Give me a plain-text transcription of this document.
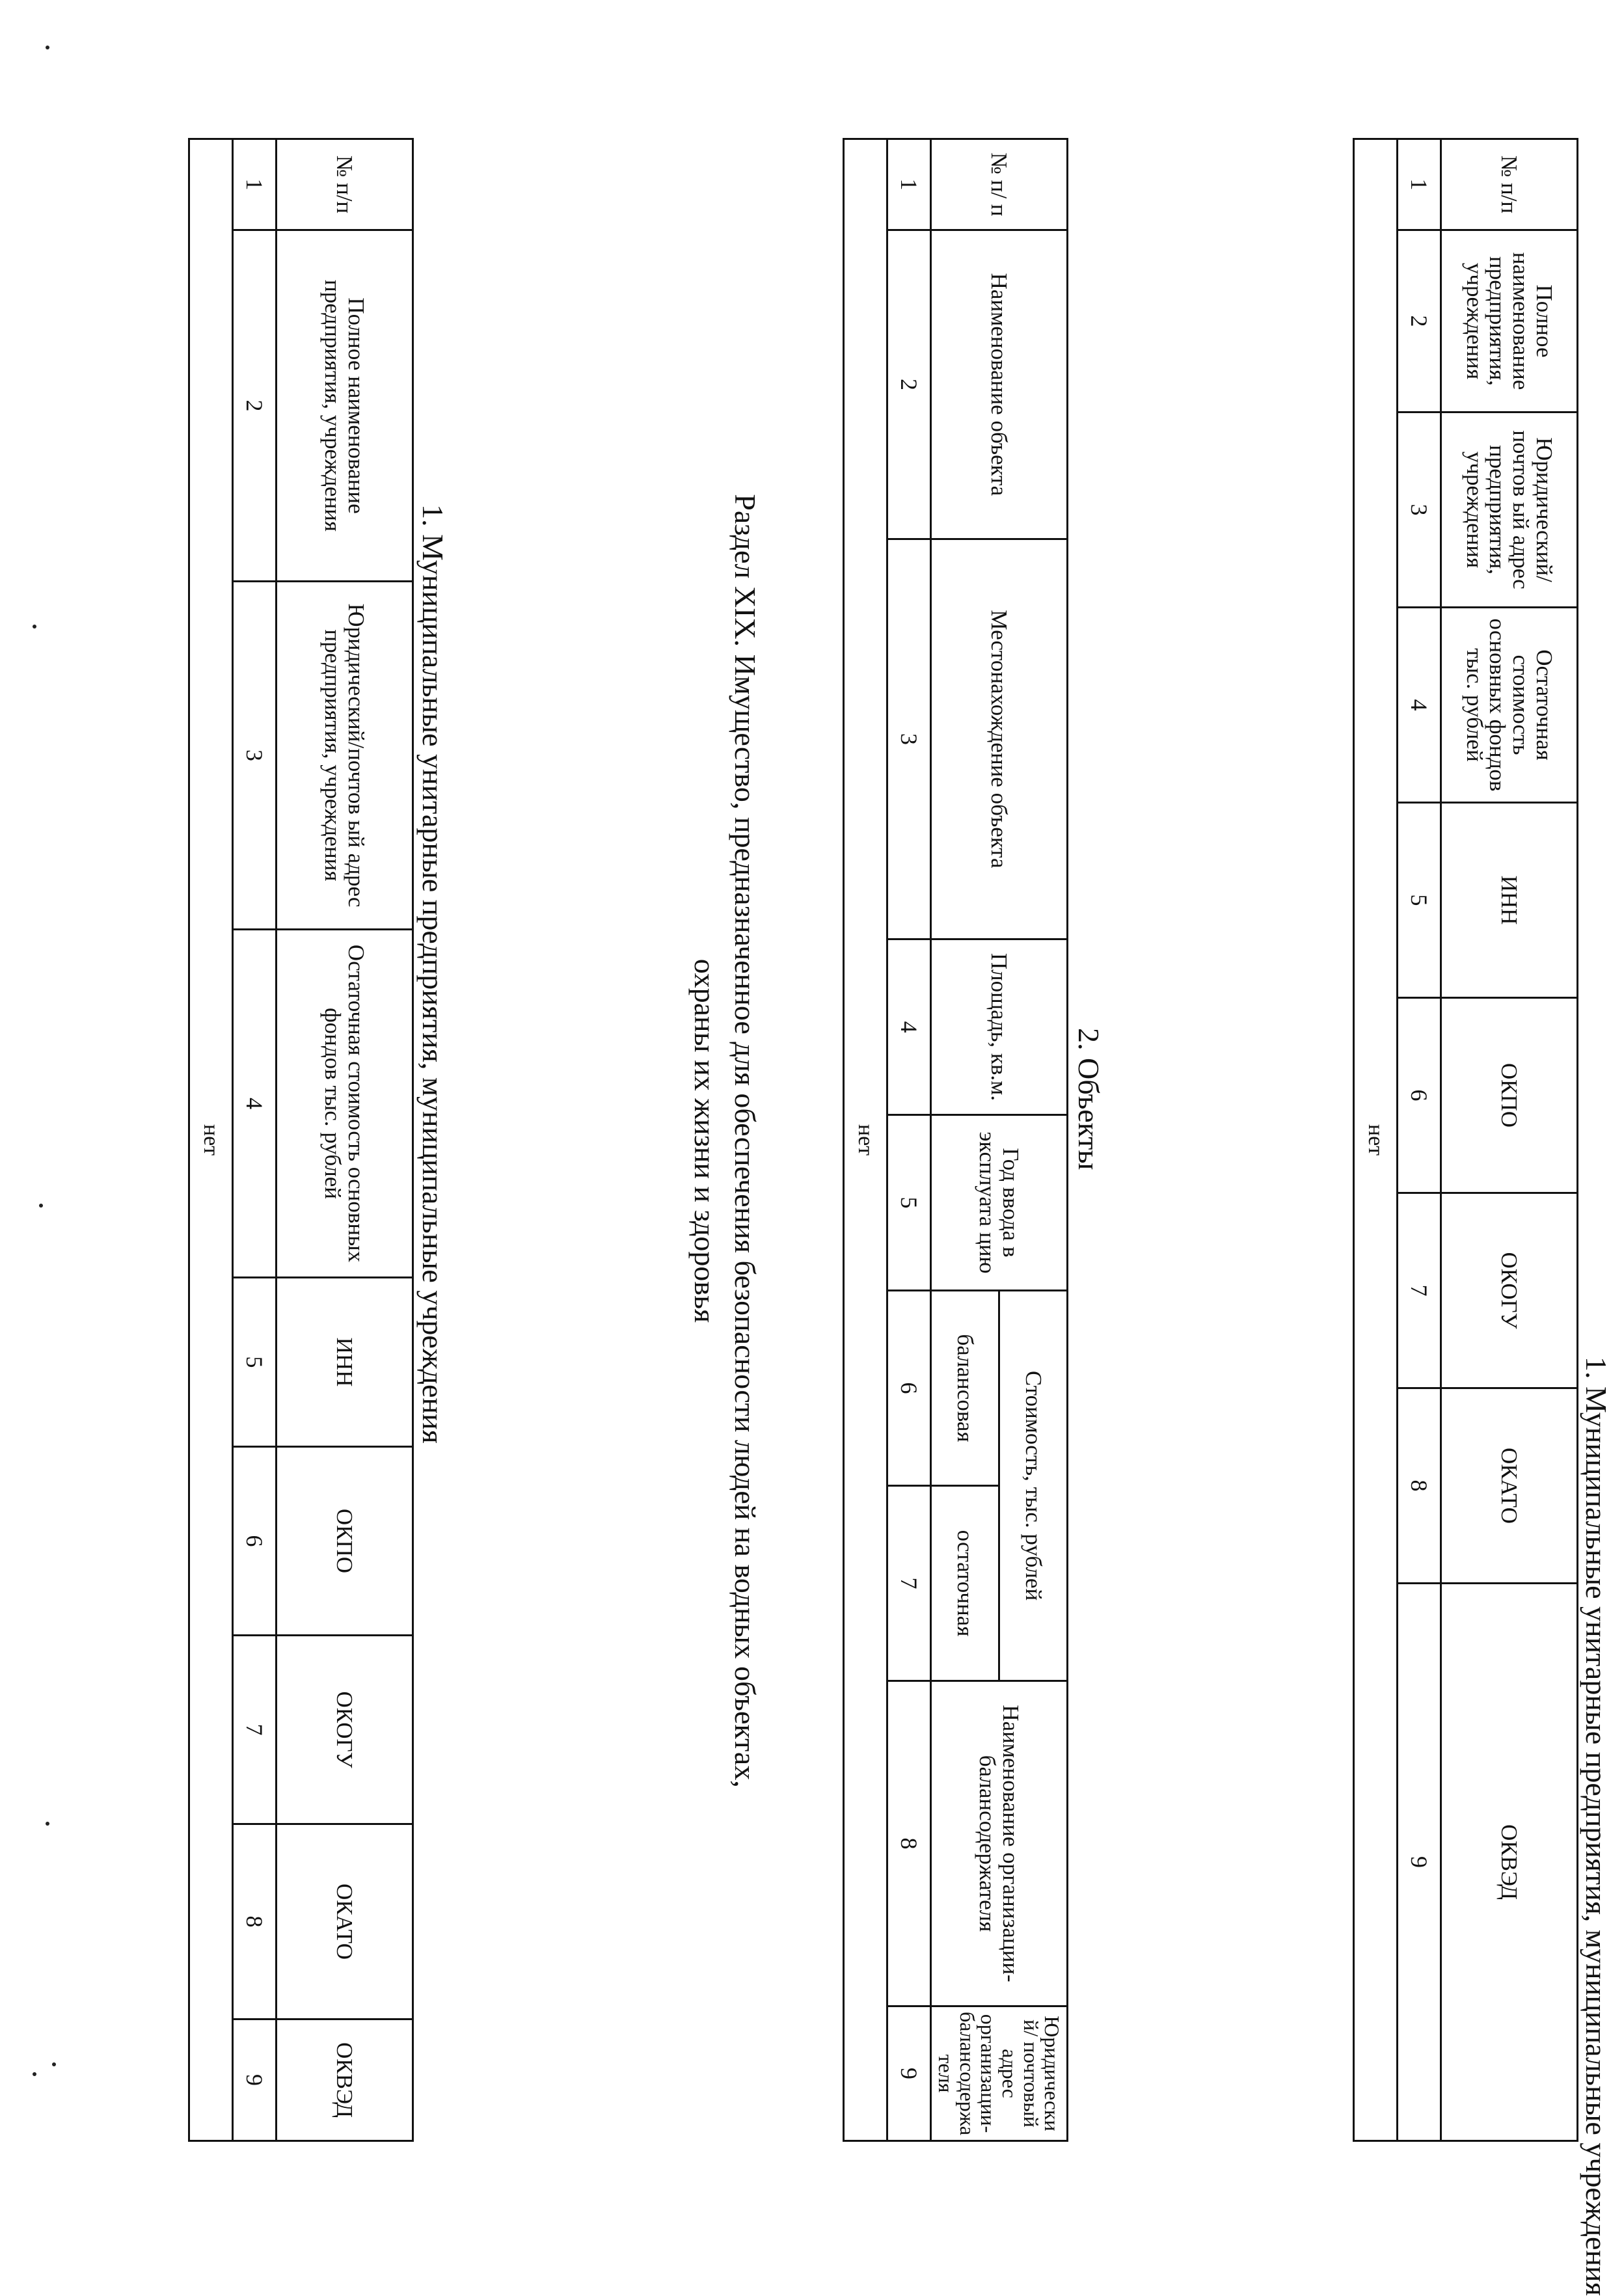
1. Муниципальные унитарные предприятия, муниципальные учреждения
№ п/п	Полное наименование предприятия, учреждения	Юридический/почтов ый адрес предприятия, учреждения	Остаточная стоимость основных фондов тыс. рублей	ИНН	ОКПО	ОКОГУ	ОКАТО	ОКВЭД
1	2	3	4	5	6	7	8	9
нет								
2. Объекты
№ п/ п	Наименование объекта	Местонахождение объекта	Площадь, кв.м.	Год ввода в эксплуата цию	Стоимость, тыс. рублей		Наименование организации- балансодержателя	Юридический/ почтовый адрес организации- балансодержателя
					балансовая	остаточная		
1	2	3	4	5	6	7	8	9
нет								
Раздел XIX. Имущество, предназначенное для обеспечения безопасности людей на водных объектах,
охраны их жизни и здоровья
1. Муниципальные унитарные предприятия, муниципальные учреждения
№ п/п	Полное наименование предприятия, учреждения	Юридический/почтов ый адрес предприятия, учреждения	Остаточная стоимость основных фондов тыс. рублей	ИНН	ОКПО	ОКОГУ	ОКАТО	ОКВЭД
1	2	3	4	5	6	7	8	9
нет								
